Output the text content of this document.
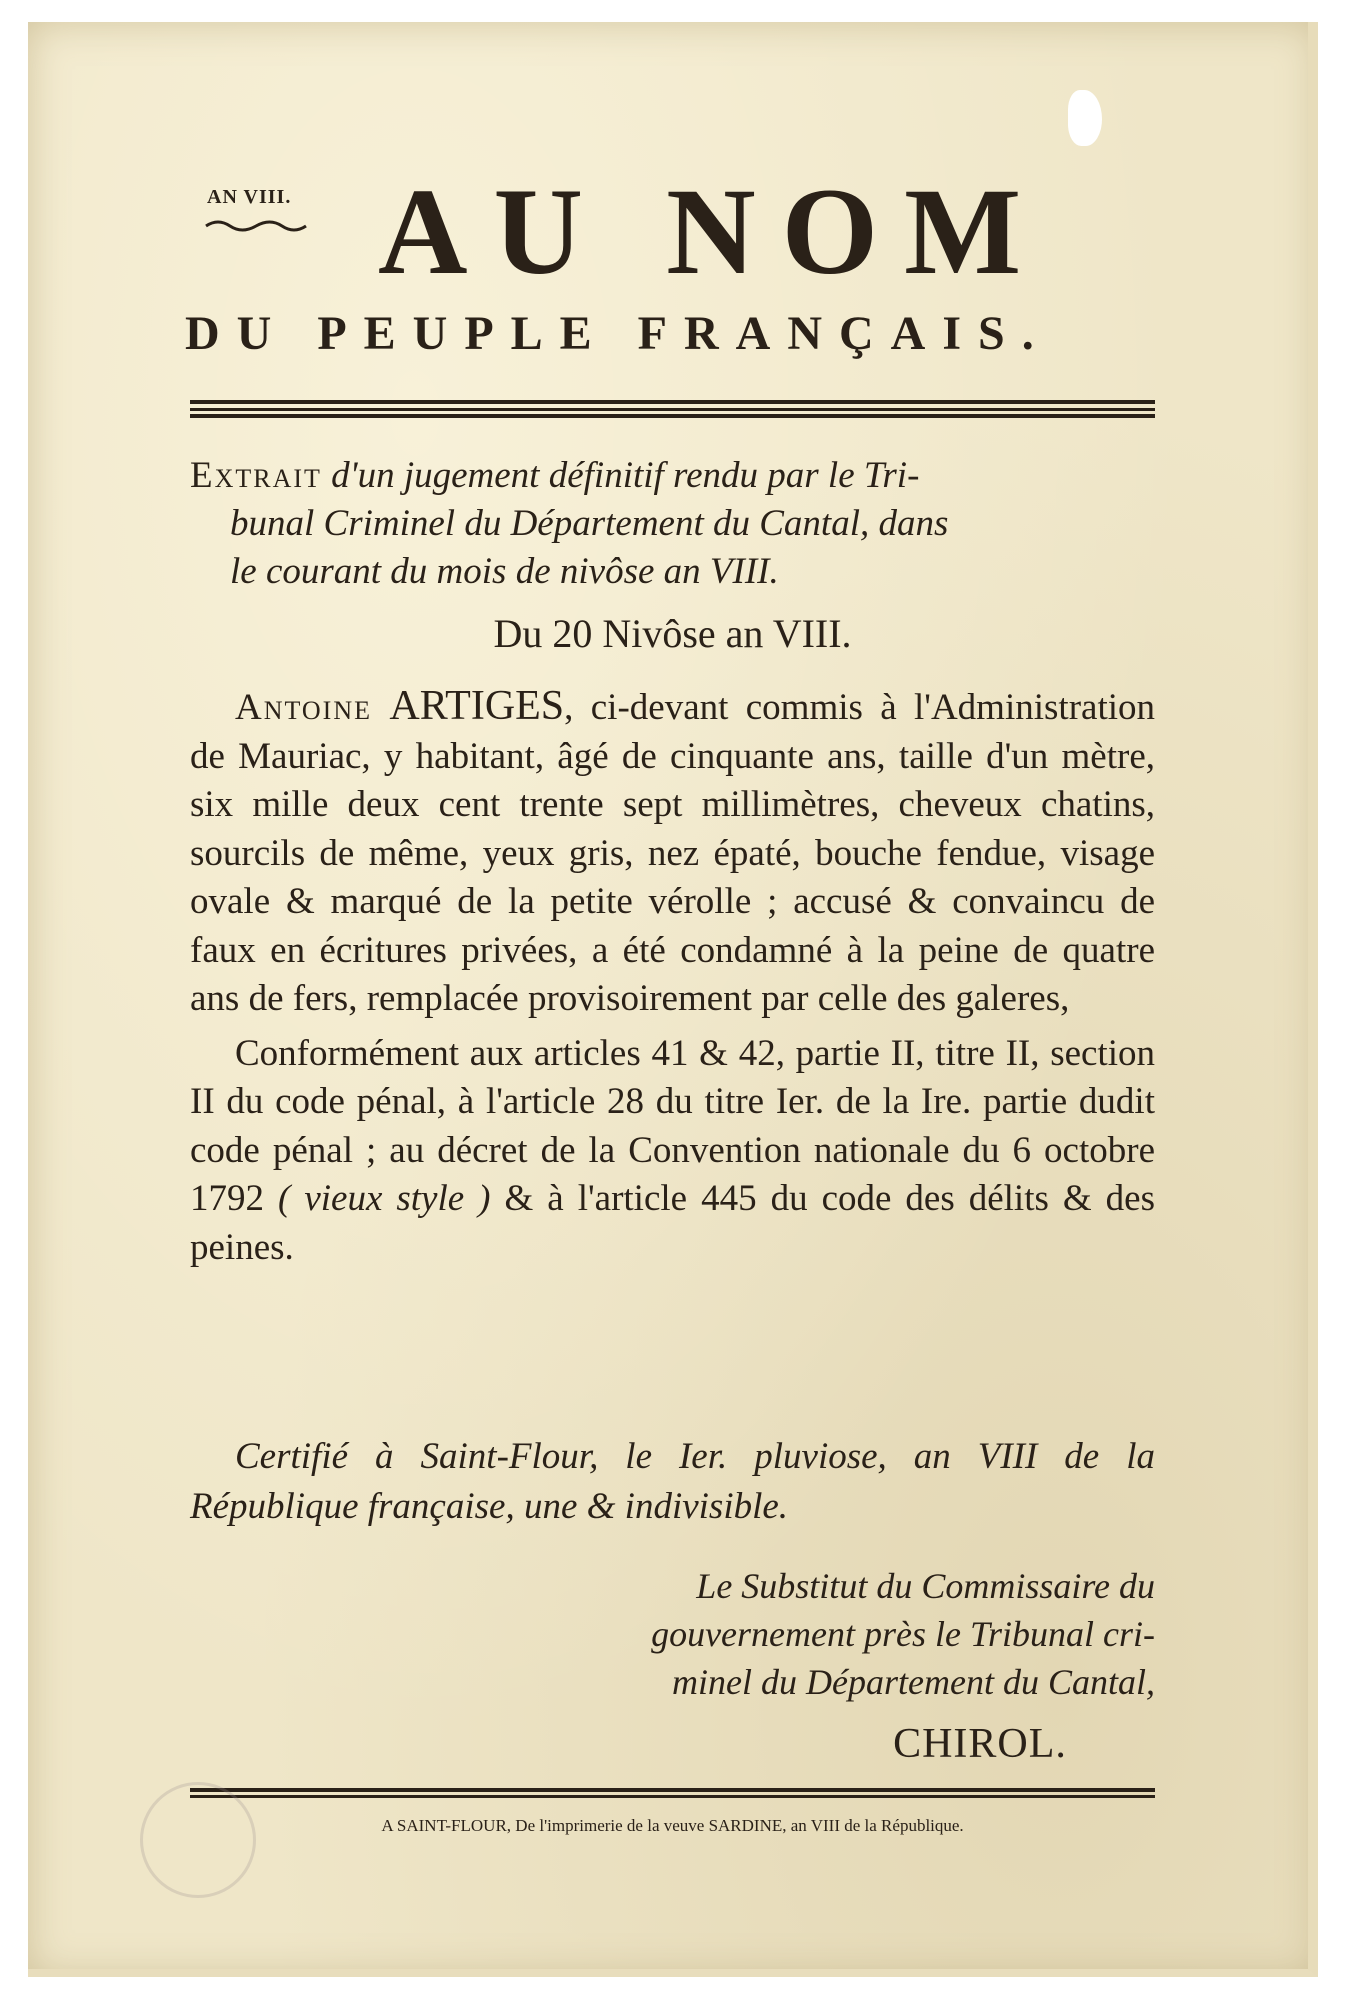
AN VIII. AU NOM
DU PEUPLE FRANÇAIS.
Extrait d'un jugement définitif rendu par le Tri-
bunal Criminel du Département du Cantal, dans
le courant du mois de nivôse an VIII.
Du 20 Nivôse an VIII.

Antoine ARTIGES, ci-devant commis à l'Administration de Mauriac, y habitant, âgé de cinquante ans, taille d'un mètre, six mille deux cent trente sept millimètres, cheveux chatins, sourcils de même, yeux gris, nez épaté, bouche fendue, visage ovale & marqué de la petite vérolle ; accusé & convaincu de faux en écritures privées, a été condamné à la peine de quatre ans de fers, remplacée provisoirement par celle des galeres,

Conformément aux articles 41 & 42, partie II, titre II, section II du code pénal, à l'article 28 du titre Ier. de la Ire. partie dudit code pénal ; au décret de la Convention nationale du 6 octobre 1792 ( vieux style ) & à l'article 445 du code des délits & des peines.

Certifié à Saint-Flour, le Ier. pluviose, an VIII de la République française, une & indivisible.

Le Substitut du Commissaire du
gouvernement près le Tribunal cri-
minel du Département du Cantal,
CHIROL.
A SAINT-FLOUR, De l'imprimerie de la veuve SARDINE, an VIII de la République.
